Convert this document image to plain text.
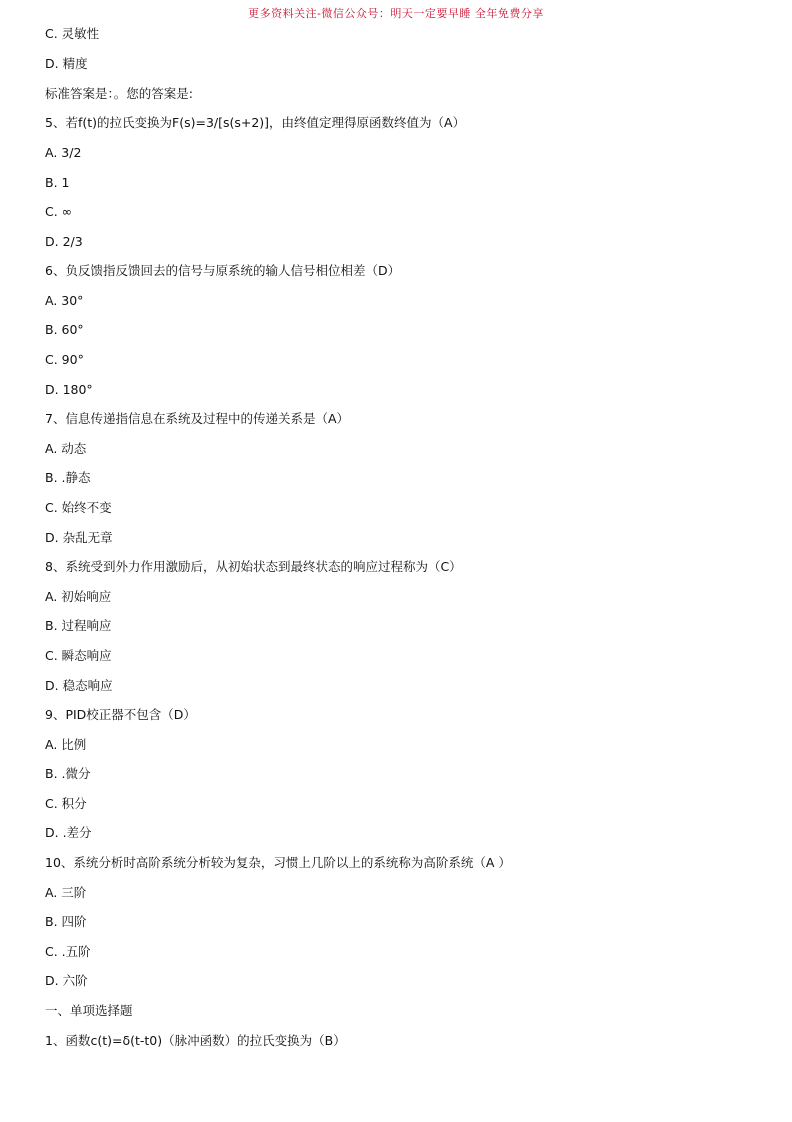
更多资料关注-微信公众号：明天一定要早睡 全年免费分享
C. 灵敏性
D. 精度
标准答案是：。您的答案是:
5、若f(t)的拉氏变换为F(s)=3/[s(s+2)]，由终值定理得原函数终值为（A）
A. 3/2
B. 1
C. ∞
D. 2/3
6、负反馈指反馈回去的信号与原系统的输人信号相位相差（D）
A. 30°
B. 60°
C. 90°
D. 180°
7、信息传递指信息在系统及过程中的传递关系是（A）
A. 动态
B. .静态
C. 始终不变
D. 杂乱无章
8、系统受到外力作用激励后，从初始状态到最终状态的响应过程称为（C）
A. 初始响应
B. 过程响应
C. 瞬态响应
D. 稳态响应
9、PID校正器不包含（D）
A. 比例
B. .微分
C. 积分
D. .差分
10、系统分析时高阶系统分析较为复杂，习惯上几阶以上的系统称为高阶系统（A ）
A. 三阶
B. 四阶
C. .五阶
D. 六阶
一、单项选择题
1、函数c(t)=δ(t-t0)（脉冲函数）的拉氏变换为（B）
